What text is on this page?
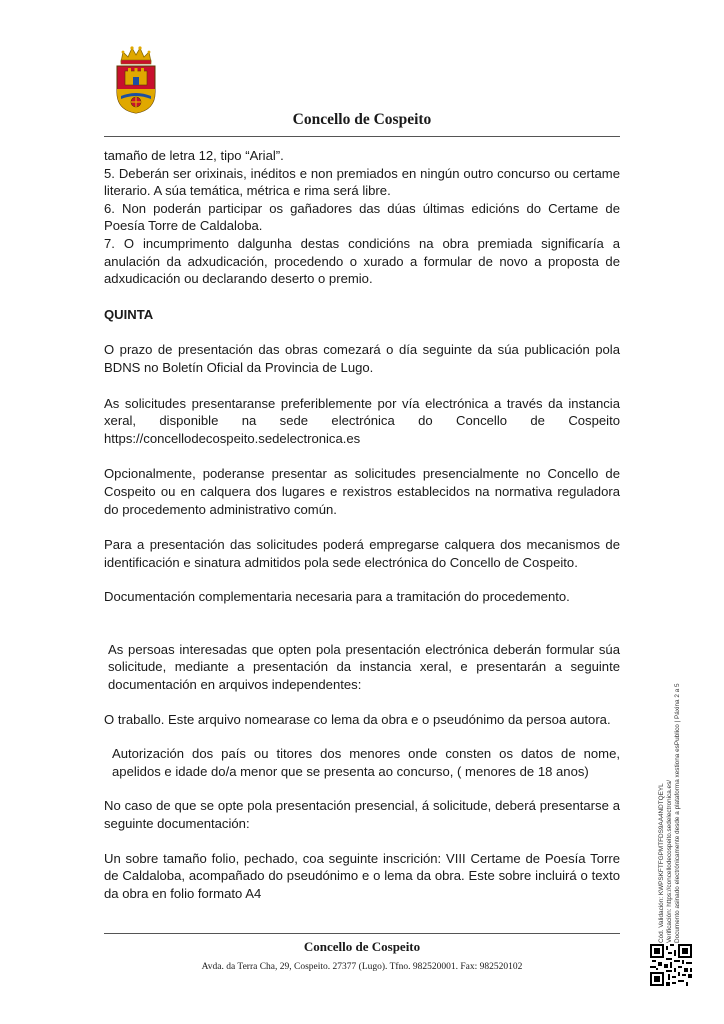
Concello de Cospeito

tamaño de letra 12, tipo “Arial”.

5. Deberán ser orixinais, inéditos e non premiados en ningún outro concurso ou certame literario. A súa temática, métrica e rima será libre.

6. Non poderán participar os gañadores das dúas últimas edicións do Certame de Poesía Torre de Caldaloba.

7. O incumprimento dalgunha destas condicións na obra premiada significaría a anulación da adxudicación, procedendo o xurado a formular de novo a proposta de adxudicación ou declarando deserto o premio.

QUINTA

O prazo de presentación das obras comezará o día seguinte da súa publicación pola BDNS no Boletín Oficial da Provincia de Lugo.

As solicitudes presentaranse preferiblemente por vía electrónica a través da instancia xeral, disponible na sede electrónica do Concello de Cospeito https://concellodecospeito.sedelectronica.es

Opcionalmente, poderanse presentar as solicitudes presencialmente no Concello de Cospeito ou en calquera dos lugares e rexistros establecidos na normativa reguladora do procedemento administrativo común.

Para a presentación das solicitudes poderá empregarse calquera dos mecanismos de identificación e sinatura admitidos pola sede electrónica do Concello de Cospeito.

Documentación complementaria necesaria para a tramitación do procedemento.

As persoas interesadas que opten pola presentación electrónica deberán formular súa solicitude, mediante a presentación da instancia xeral, e presentarán a seguinte documentación en arquivos independentes:

O traballo. Este arquivo nomearase co lema da obra e o pseudónimo da persoa autora.

Autorización dos país ou titores dos menores onde consten os datos de nome, apelidos e idade do/a menor que se presenta ao concurso, ( menores de 18 anos)

No caso de que se opte pola presentación presencial, á solicitude, deberá presentarse a seguinte documentación:

Un sobre tamaño folio, pechado, coa seguinte inscrición: VIII Certame de Poesía Torre de Caldaloba, acompañado do pseudónimo e o lema da obra. Este sobre incluirá o texto da obra en folio formato A4

Concello de Cospeito
Avda. da Terra Cha, 29, Cospeito. 27377 (Lugo). Tfno. 982520001. Fax: 982520102
Cód. Validación: KWPSKFTFGPMTFDS9AA4NDTQEYL Verificación: https://concellodecospeito.sedelectronica.es/ Documento asinado electrónicamente desde a plataforma xestiona esPublico | Páxina 2 a 5
